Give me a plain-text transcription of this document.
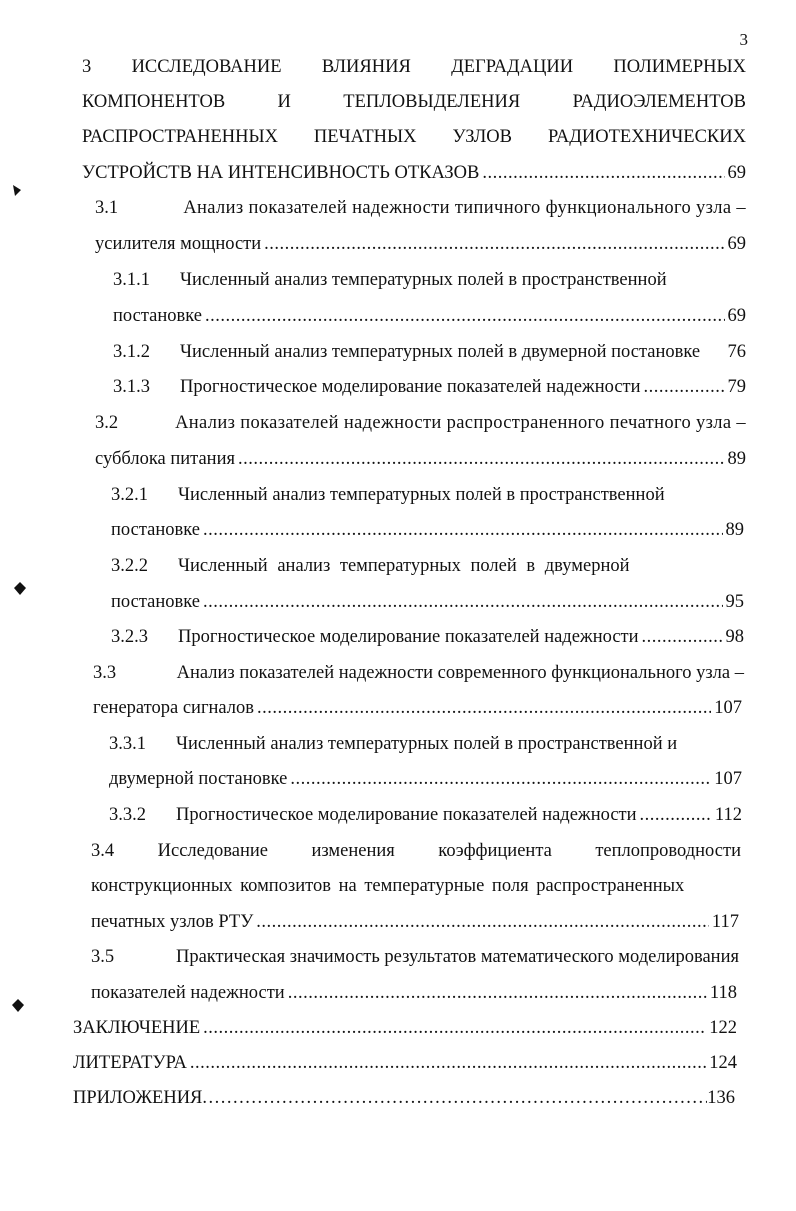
3
3 ИССЛЕДОВАНИЕ ВЛИЯНИЯ ДЕГРАДАЦИИ ПОЛИМЕРНЫХ
КОМПОНЕНТОВ	И	ТЕПЛОВЫДЕЛЕНИЯ	РАДИОЭЛЕМЕНТОВ
РАСПРОСТРАНЕННЫХ ПЕЧАТНЫХ УЗЛОВ РАДИОТЕХНИЧЕСКИХ
УСТРОЙСТВ НА ИНТЕНСИВНОСТЬ ОТКАЗОВ .....	69
3.1	Анализ показателей надежности типичного функционального узла –
усилителя мощности .....	69
3.1.1	Численный анализ температурных полей в пространственной
постановке .....	69
3.1.2	Численный анализ температурных полей в двумерной постановке 76
3.1.3	Прогностическое моделирование показателей надежности .....	79
3.2	Анализ показателей надежности распространенного печатного узла –
субблока питания .....	89
3.2.1	Численный анализ температурных полей в пространственной
постановке .....	89
3.2.2	Численный анализ температурных полей в двумерной
постановке .....	95
3.2.3	Прогностическое моделирование показателей надежности .....	98
3.3	Анализ показателей надежности современного функционального узла –
генератора сигналов .....	107
3.3.1	Численный анализ температурных полей в пространственной и
двумерной постановке .....	107
3.3.2	Прогностическое моделирование показателей надежности .....	112
3.4 Исследование изменения коэффициента теплопроводности
конструкционных композитов на температурные поля распространенных
печатных узлов РТУ .....	117
3.5	Практическая значимость результатов математического моделирования
показателей надежности .....	118
ЗАКЛЮЧЕНИЕ .....	122
ЛИТЕРАТУРА .....	124
ПРИЛОЖЕНИЯ .....	136
